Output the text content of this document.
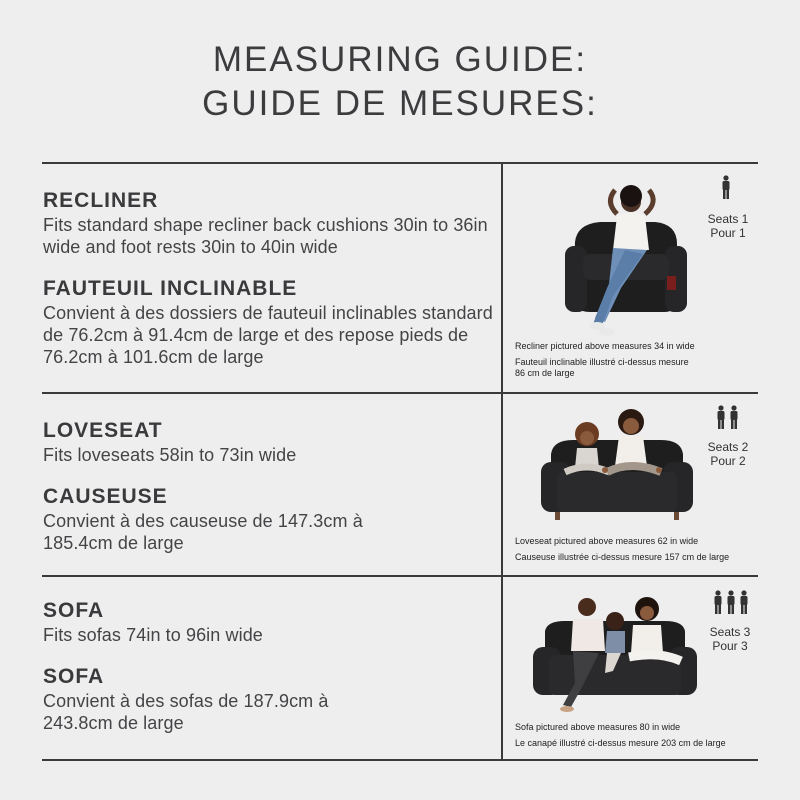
MEASURING GUIDE:
GUIDE DE MESURES:
RECLINER
Fits standard shape recliner back cushions 30in to 36in wide and foot rests 30in to 40in wide
FAUTEUIL INCLINABLE
Convient à des dossiers de fauteuil inclinables standard de 76.2cm à 91.4cm de large et des repose pieds de 76.2cm à 101.6cm de large
Seats 1
Pour 1
Recliner pictured above measures 34 in wide
Fauteuil inclinable illustré ci-dessus mesure 86 cm de large
LOVESEAT
Fits loveseats 58in to 73in wide
CAUSEUSE
Convient à des causeuse de 147.3cm à 185.4cm de large
Seats 2
Pour 2
Loveseat pictured above measures 62 in wide
Causeuse illustrée ci-dessus mesure 157 cm de large
SOFA
Fits sofas 74in to 96in wide
SOFA
Convient à des sofas de 187.9cm à 243.8cm de large
Seats 3
Pour 3
Sofa pictured above measures 80 in wide
Le canapé illustré ci-dessus mesure 203 cm de large
